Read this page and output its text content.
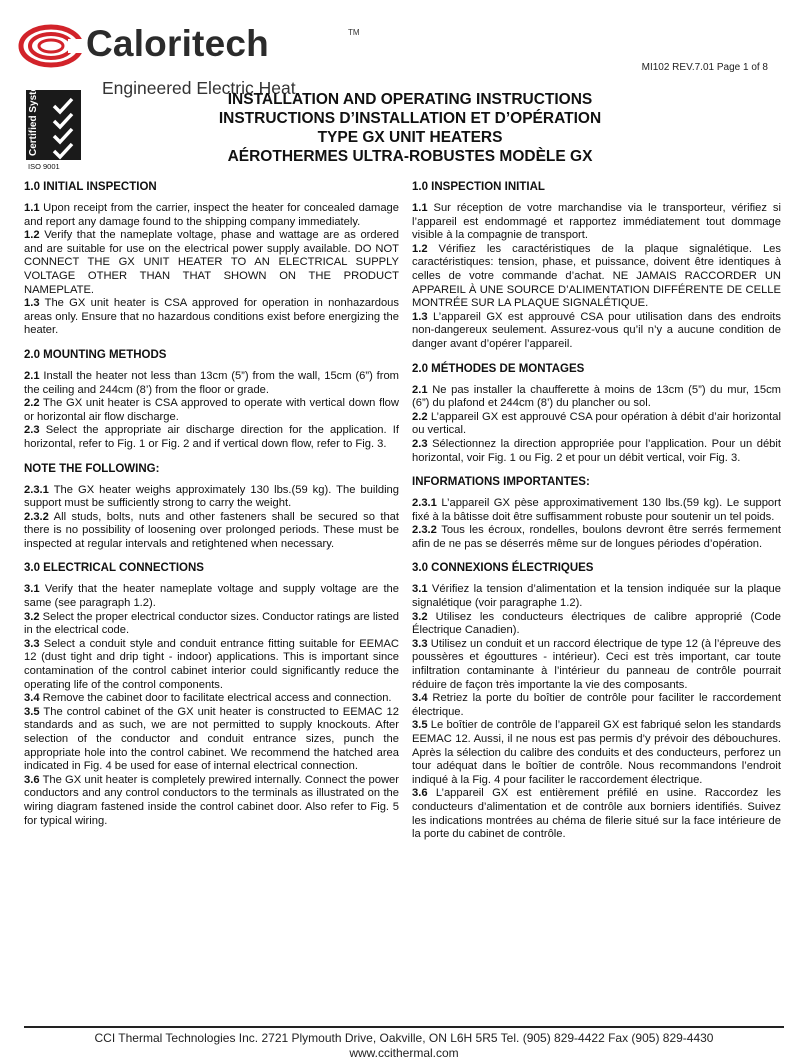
Caloritech	TM
Engineered Electric Heat
MI102 REV.7.01 Page 1 of 8
Certified System
ISO 9001
INSTALLATION AND OPERATING INSTRUCTIONS
INSTRUCTIONS D’INSTALLATION ET D’OPÉRATION
TYPE GX UNIT HEATERS
AÉROTHERMES ULTRA-ROBUSTES MODÈLE GX
1.0 INITIAL INSPECTION

1.1 Upon receipt from the carrier, inspect the heater for concealed damage and report any damage found to the shipping company immediately.

1.2 Verify that the nameplate voltage, phase and wattage are as ordered and are suitable for use on the electrical power supply available. DO NOT CONNECT THE GX UNIT HEATER TO AN ELECTRICAL SUPPLY VOLTAGE OTHER THAN THAT SHOWN ON THE PRODUCT NAMEPLATE.

1.3 The GX unit heater is CSA approved for operation in nonhazardous areas only. Ensure that no hazardous conditions exist before energizing the heater.

2.0 MOUNTING METHODS

2.1 Install the heater not less than 13cm (5”) from the wall, 15cm (6”) from the ceiling and 244cm (8’) from the floor or grade.

2.2 The GX unit heater is CSA approved to operate with vertical down flow or horizontal air flow discharge.

2.3 Select the appropriate air discharge direction for the application. If horizontal, refer to Fig. 1 or Fig. 2 and if vertical down flow, refer to Fig. 3.

NOTE THE FOLLOWING:

2.3.1 The GX heater weighs approximately 130 lbs.(59 kg). The building support must be sufficiently strong to carry the weight.

2.3.2 All studs, bolts, nuts and other fasteners shall be secured so that there is no possibility of loosening over prolonged periods. These must be inspected at regular intervals and retightened when necessary.

3.0 ELECTRICAL CONNECTIONS

3.1 Verify that the heater nameplate voltage and supply voltage are the same (see paragraph 1.2).

3.2 Select the proper electrical conductor sizes. Conductor ratings are listed in the electrical code.

3.3 Select a conduit style and conduit entrance fitting suitable for EEMAC 12 (dust tight and drip tight - indoor) applications. This is important since contamination of the control cabinet interior could significantly reduce the operating life of the control components.

3.4 Remove the cabinet door to facilitate electrical access and connection.

3.5 The control cabinet of the GX unit heater is constructed to EEMAC 12 standards and as such, we are not permitted to supply knockouts. After selection of the conductor and conduit entrance sizes, punch the appropriate hole into the control cabinet. We recommend the hatched area indicated in Fig. 4 be used for ease of internal electrical connection.

3.6 The GX unit heater is completely prewired internally. Connect the power conductors and any control conductors to the terminals as illustrated on the wiring diagram fastened inside the control cabinet door. Also refer to Fig. 5 for typical wiring.

1.0 INSPECTION INITIAL

1.1 Sur réception de votre marchandise via le transporteur, vérifiez si l’appareil est endommagé et rapportez immédiatement tout dommage visible à la compagnie de transport.

1.2 Vérifiez les caractéristiques de la plaque signalétique. Les caractéristiques: tension, phase, et puissance, doivent être identiques à celles de votre commande d’achat. NE JAMAIS RACCORDER UN APPAREIL À UNE SOURCE D’ALIMENTATION DIFFÉRENTE DE CELLE MONTRÉE SUR LA PLAQUE SIGNALÉTIQUE.

1.3 L’appareil GX est approuvé CSA pour utilisation dans des endroits non-dangereux seulement. Assurez-vous qu’il n’y a aucune condition de danger avant d’opérer l’appareil.

2.0 MÉTHODES DE MONTAGES

2.1 Ne pas installer la chaufferette à moins de 13cm (5”) du mur, 15cm (6”) du plafond et 244cm (8’) du plancher ou sol.

2.2 L’appareil GX est approuvé CSA pour opération à débit d’air horizontal ou vertical.

2.3 Sélectionnez la direction appropriée pour l’application. Pour un débit horizontal, voir Fig. 1 ou Fig. 2 et pour un débit vertical, voir Fig. 3.

INFORMATIONS IMPORTANTES:

2.3.1 L’appareil GX pèse approximativement 130 lbs.(59 kg). Le support fixé à la bâtisse doit être suffisamment robuste pour soutenir un tel poids.

2.3.2 Tous les écroux, rondelles, boulons devront être serrés fermement afin de ne pas se déserrés même sur de longues périodes d’opération.

3.0 CONNEXIONS ÉLECTRIQUES

3.1 Vérifiez la tension d’alimentation et la tension indiquée sur la plaque signalétique (voir paragraphe 1.2).

3.2 Utilisez les conducteurs électriques de calibre approprié (Code Électrique Canadien).

3.3 Utilisez un conduit et un raccord électrique de type 12 (à l’épreuve des poussères et égouttures - intérieur). Ceci est très important, car toute infiltration contaminante à l’intérieur du panneau de contrôle pourrait réduire de façon très importante la vie des composants.

3.4 Retriez la porte du boîtier de contrôle pour faciliter le raccordement électrique.

3.5 Le boîtier de contrôle de l’appareil GX est fabriqué selon les standards EEMAC 12. Aussi, il ne nous est pas permis d’y prévoir des débouchures. Après la sélection du calibre des conduits et des conducteurs, perforez un tour adéquat dans le boîtier de contrôle. Nous recommandons l’endroit indiqué à la Fig. 4 pour faciliter le raccordement électrique.

3.6 L’appareil GX est entièrement préfilé en usine. Raccordez les conducteurs d’alimentation et de contrôle aux borniers identifiés. Suivez les indications montrées au chéma de filerie situé sur la face intérieure de la porte du cabinet de contrôle.

CCI Thermal Technologies Inc. 2721 Plymouth Drive, Oakville, ON L6H 5R5 Tel. (905) 829-4422 Fax (905) 829-4430
www.ccithermal.com
